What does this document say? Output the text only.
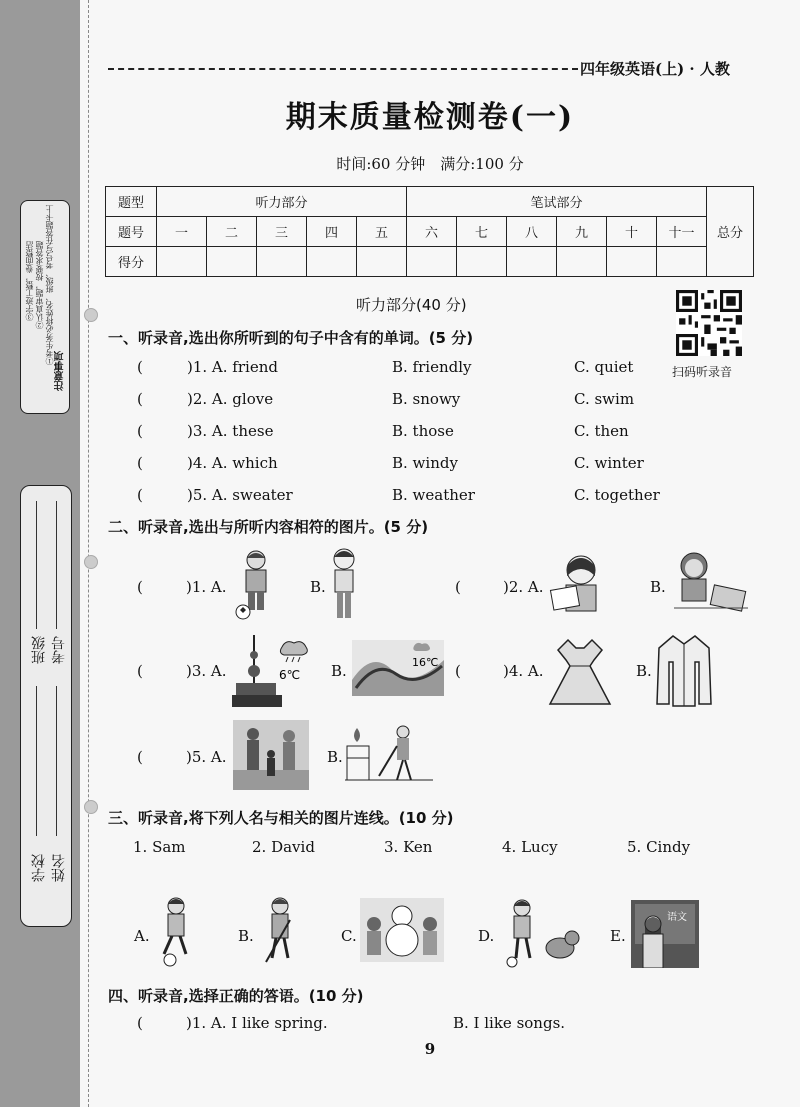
注意事项
①考生务必将姓名、班级、考号写在答题卡上
②认真审题，按要求答题
③字迹工整，卷面整洁
学校 姓名
班级 考号
四年级英语(上) · 人教
期末质量检测卷(一)
时间:60 分钟　满分:100 分
题型	听力部分					笔试部分						总分
题号	一	二	三	四	五	六	七	八	九	十	十一	
得分												
听力部分(40 分)
扫码听录音
一、听录音,选出你所听到的句子中含有的单词。(5 分)
(	)1. A. friend	B. friendly	C. quiet
(	)2. A. glove	B. snowy	C. swim
(	)3. A. these	B. those	C. then
(	)4. A. which	B. windy	C. winter
(	)5. A. sweater	B. weather	C. together
二、听录音,选出与所听内容相符的图片。(5 分)
(	)1. A.	B.	(	)2. A.	B.
(	)3. A.	6℃ B.	16℃ (	)4. A.	B.
(	)5. A.	B.
三、听录音,将下列人名与相关的图片连线。(10 分)
1. Sam	2. David	3. Ken	4. Lucy	5. Cindy
A.	B.	C.	D.	E.
语文
四、听录音,选择正确的答语。(10 分)
(	)1. A. I like spring.	B. I like songs.
9
